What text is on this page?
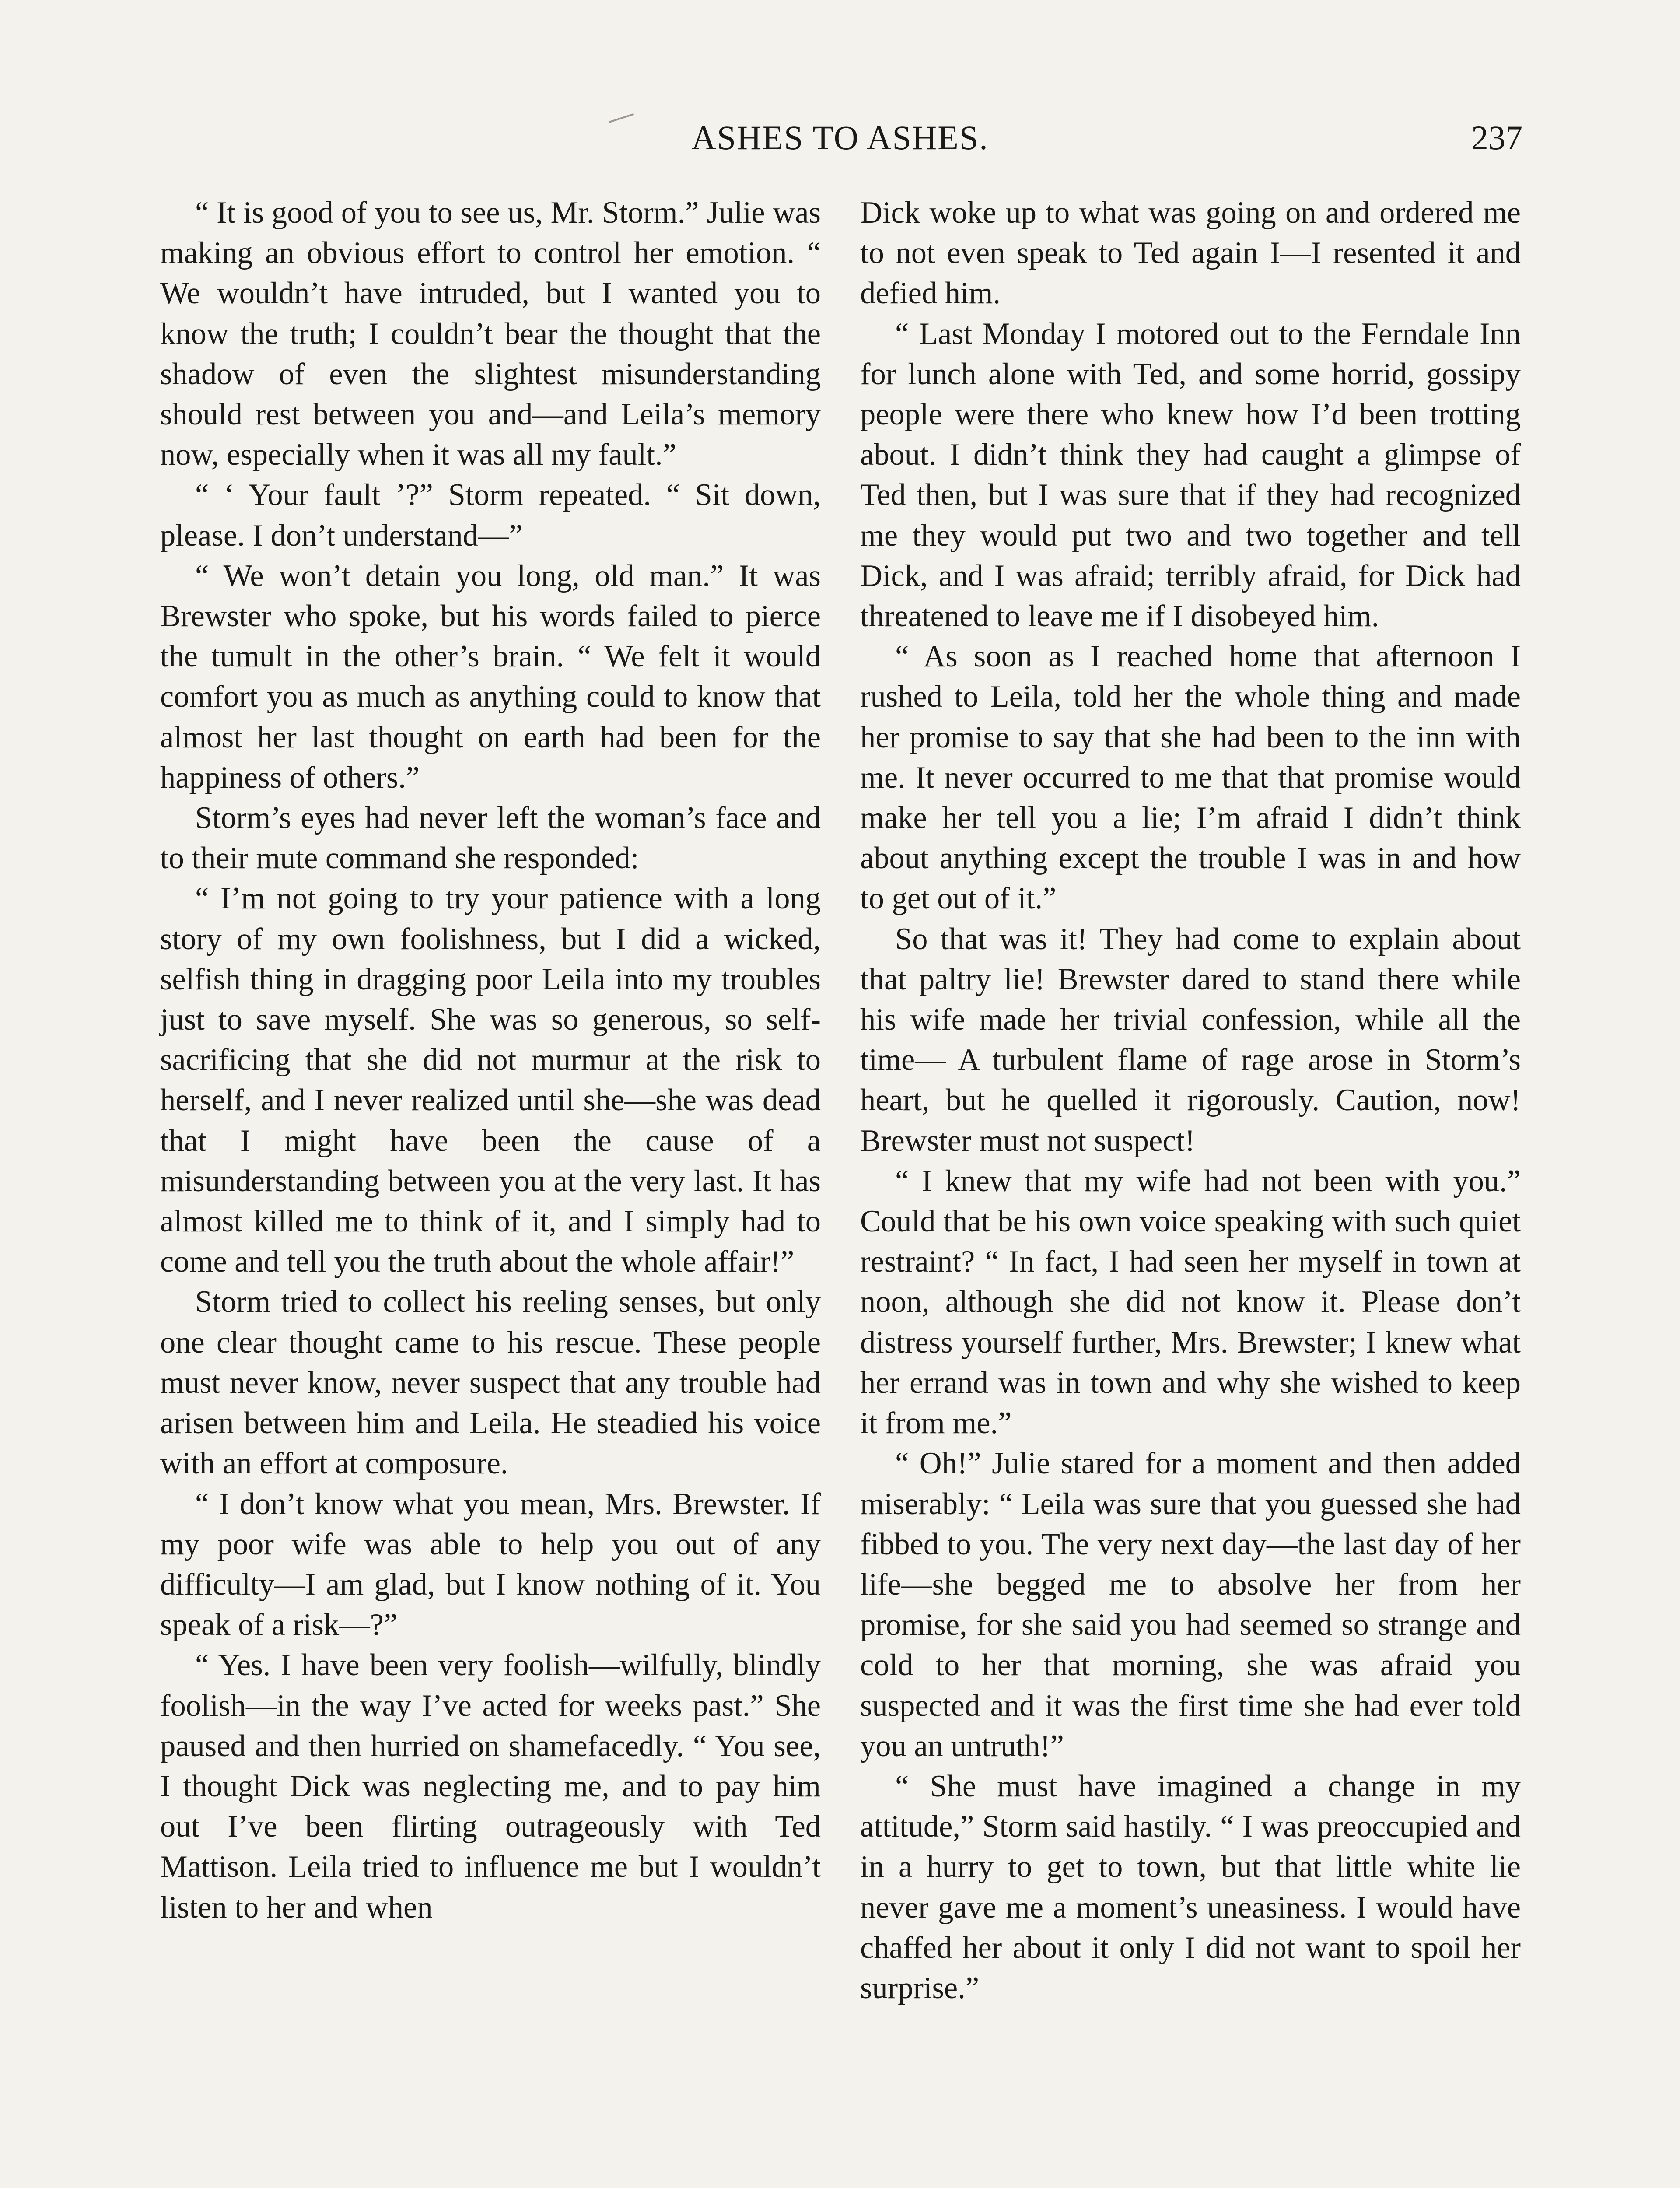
ASHES TO ASHES.	237

“ It is good of you to see us, Mr. Storm.” Julie was making an obvious effort to control her emotion. “ We wouldn’t have intruded, but I wanted you to know the truth; I couldn’t bear the thought that the shadow of even the slightest misunderstanding should rest between you and—and Leila’s memory now, especially when it was all my fault.”

“ ‘ Your fault ’?” Storm repeated. “ Sit down, please. I don’t understand—”

“ We won’t detain you long, old man.” It was Brewster who spoke, but his words failed to pierce the tumult in the other’s brain. “ We felt it would comfort you as much as anything could to know that almost her last thought on earth had been for the happiness of others.”

Storm’s eyes had never left the woman’s face and to their mute command she responded:

“ I’m not going to try your patience with a long story of my own foolishness, but I did a wicked, selfish thing in dragging poor Leila into my troubles just to save myself. She was so generous, so self-sacrificing that she did not murmur at the risk to herself, and I never realized until she—she was dead that I might have been the cause of a misunderstanding between you at the very last. It has almost killed me to think of it, and I simply had to come and tell you the truth about the whole affair!”

Storm tried to collect his reeling senses, but only one clear thought came to his rescue. These people must never know, never suspect that any trouble had arisen between him and Leila. He steadied his voice with an effort at composure.

“ I don’t know what you mean, Mrs. Brewster. If my poor wife was able to help you out of any difficulty—I am glad, but I know nothing of it. You speak of a risk—?”

“ Yes. I have been very foolish—wilfully, blindly foolish—in the way I’ve acted for weeks past.” She paused and then hurried on shamefacedly. “ You see, I thought Dick was neglecting me, and to pay him out I’ve been flirting outrageously with Ted Mattison. Leila tried to influence me but I wouldn’t listen to her and when

Dick woke up to what was going on and ordered me to not even speak to Ted again I—I resented it and defied him.

“ Last Monday I motored out to the Ferndale Inn for lunch alone with Ted, and some horrid, gossipy people were there who knew how I’d been trotting about. I didn’t think they had caught a glimpse of Ted then, but I was sure that if they had recognized me they would put two and two together and tell Dick, and I was afraid; terribly afraid, for Dick had threatened to leave me if I disobeyed him.

“ As soon as I reached home that afternoon I rushed to Leila, told her the whole thing and made her promise to say that she had been to the inn with me. It never occurred to me that that promise would make her tell you a lie; I’m afraid I didn’t think about anything except the trouble I was in and how to get out of it.”

So that was it! They had come to explain about that paltry lie! Brewster dared to stand there while his wife made her trivial confession, while all the time— A turbulent flame of rage arose in Storm’s heart, but he quelled it rigorously. Caution, now! Brewster must not suspect!

“ I knew that my wife had not been with you.” Could that be his own voice speaking with such quiet restraint? “ In fact, I had seen her myself in town at noon, although she did not know it. Please don’t distress yourself further, Mrs. Brewster; I knew what her errand was in town and why she wished to keep it from me.”

“ Oh!” Julie stared for a moment and then added miserably: “ Leila was sure that you guessed she had fibbed to you. The very next day—the last day of her life—she begged me to absolve her from her promise, for she said you had seemed so strange and cold to her that morning, she was afraid you suspected and it was the first time she had ever told you an untruth!”

“ She must have imagined a change in my attitude,” Storm said hastily. “ I was preoccupied and in a hurry to get to town, but that little white lie never gave me a moment’s uneasiness. I would have chaffed her about it only I did not want to spoil her surprise.”
